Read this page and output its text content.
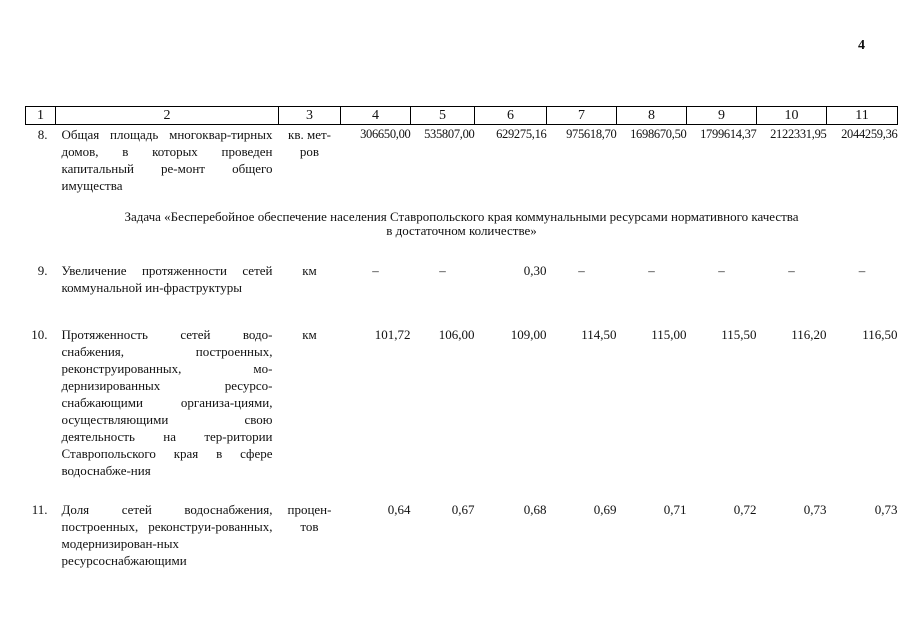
4
1	2	3	4	5	6	7	8	9	10	11
8.	Общая площадь многоквар-тирных домов, в которых проведен капитальный ре-монт общего имущества	кв. мет-ров	306650,00	535807,00	629275,16	975618,70	1698670,50	1799614,37	2122331,95	2044259,36

Задача «Бесперебойное обеспечение населения Ставропольского края коммунальными ресурсами нормативного качества
в достаточном количестве»										

9.	Увеличение протяженности сетей коммунальной ин-фраструктуры	км	–	–	0,30	–	–	–	–	–
10.	Протяженность сетей водо-снабжения, построенных, реконструированных, мо-дернизированных ресурсо-снабжающими организа-циями, осуществляющими свою деятельность на тер-ритории Ставропольского края в сфере водоснабже-ния	км	101,72	106,00	109,00	114,50	115,00	115,50	116,20	116,50
11.	Доля сетей водоснабжения, построенных, реконструи-рованных, модернизирован-ных ресурсоснабжающими	процен-тов	0,64	0,67	0,68	0,69	0,71	0,72	0,73	0,73
